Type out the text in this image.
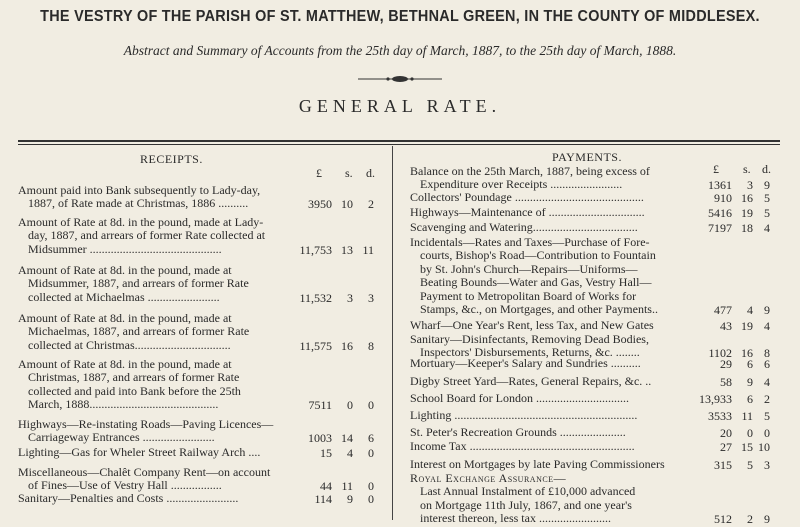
THE VESTRY OF THE PARISH OF ST. MATTHEW, BETHNAL GREEN, IN THE COUNTY OF MIDDLESEX.
Abstract and Summary of Accounts from the 25th day of March, 1887, to the 25th day of March, 1888.
GENERAL RATE.
RECEIPTS.
£ s. d.
PAYMENTS.
£ s. d.
Amount paid into Bank subsequently to Lady-day,
1887, of Rate made at Christmas, 1886 ..........	3950 10	2
Amount of Rate at 8d. in the pound, made at Lady-
day, 1887, and arrears of former Rate collected at
Midsummer ............................................	11,753 13 11
Amount of Rate at 8d. in the pound, made at
Midsummer, 1887, and arrears of former Rate
collected at Michaelmas ........................	11,532	3	3
Amount of Rate at 8d. in the pound, made at
Michaelmas, 1887, and arrears of former Rate
collected at Christmas................................	11,575 16	8
Amount of Rate at 8d. in the pound, made at
Christmas, 1887, and arrears of former Rate
collected and paid into Bank before the 25th
March, 1888...........................................	7511	0	0
Highways—Re-instating Roads—Paving Licences—
Carriageway Entrances ........................	1003 14	6
Lighting—Gas for Wheler Street Railway Arch ....	15	4	0
Miscellaneous—Chalêt Company Rent—on account
of Fines—Use of Vestry Hall .................	44 11	0
Sanitary—Penalties and Costs ........................	114	9	0
Balance on the 25th March, 1887, being excess of
Expenditure over Receipts ........................	1361	3 9
Collectors' Poundage ...........................................	910 16 5
Highways—Maintenance of ................................	5416 19 5
Scavenging and Watering...................................	7197 18 4
Incidentals—Rates and Taxes—Purchase of Fore-
courts, Bishop's Road—Contribution to Fountain
by St. John's Church—Repairs—Uniforms—
Beating Bounds—Water and Gas, Vestry Hall—
Payment to Metropolitan Board of Works for
Stamps, &c., on Mortgages, and other Payments..	477	4 9
Wharf—One Year's Rent, less Tax, and New Gates	43 19 4
Sanitary—Disinfectants, Removing Dead Bodies,
Inspectors' Disbursements, Returns, &c. ........	1102 16 8
Mortuary—Keeper's Salary and Sundries ..........	29	6 6
Digby Street Yard—Rates, General Repairs, &c. ..	58	9 4
School Board for London ...............................	13,933	6 2
Lighting .............................................................	3533 11 5
St. Peter's Recreation Grounds ......................	20	0 0
Income Tax .......................................................	27 15 10
Interest on Mortgages by late Paving Commissioners	315	5 3
Royal Exchange Assurance—
Last Annual Instalment of £10,000 advanced
on Mortgage 11th July, 1867, and one year's
interest thereon, less tax ........................	512	2 9
